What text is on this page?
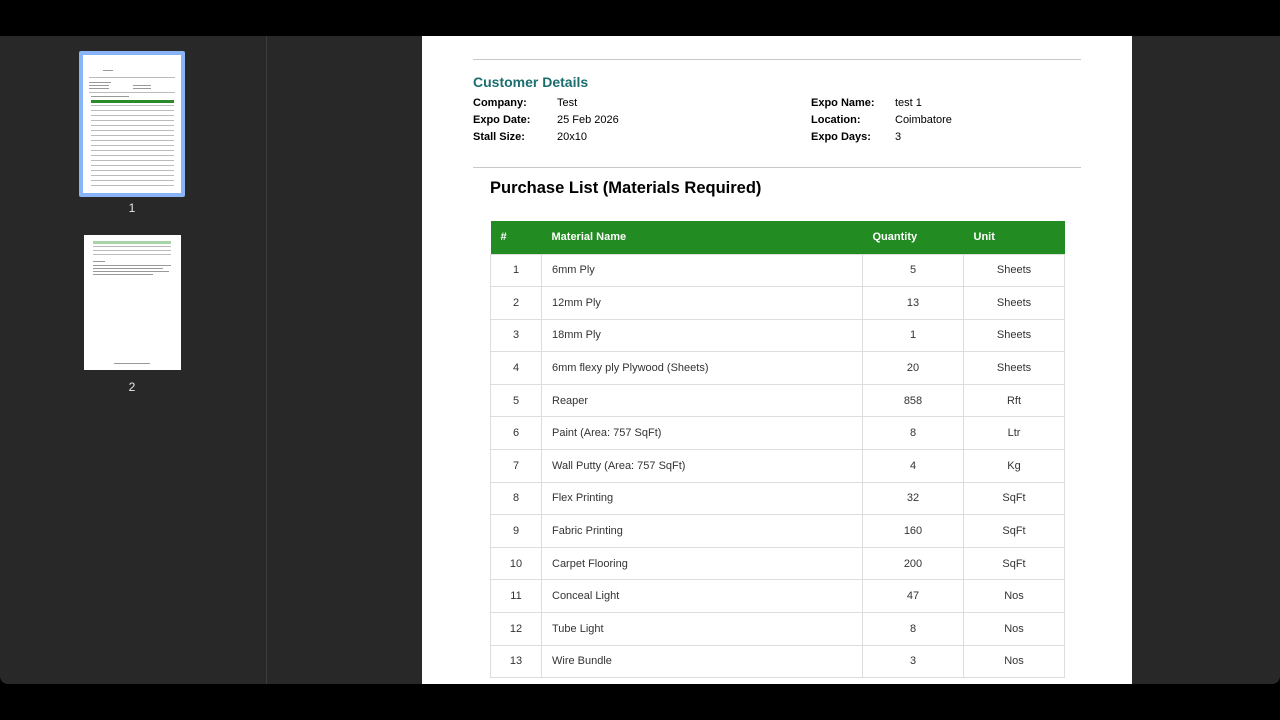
1
2
Customer Details
Company:	Test
Expo Date: 25 Feb 2026
Stall Size:	20x10
Expo Name: test 1
Location:	Coimbatore
Expo Days: 3
Purchase List (Materials Required)
#	Material Name	Quantity	Unit
1	6mm Ply	5	Sheets
2	12mm Ply	13	Sheets
3	18mm Ply	1	Sheets
4	6mm flexy ply Plywood (Sheets)	20	Sheets
5	Reaper	858	Rft
6	Paint (Area: 757 SqFt)	8	Ltr
7	Wall Putty (Area: 757 SqFt)	4	Kg
8	Flex Printing	32	SqFt
9	Fabric Printing	160	SqFt
10	Carpet Flooring	200	SqFt
11	Conceal Light	47	Nos
12	Tube Light	8	Nos
13	Wire Bundle	3	Nos
